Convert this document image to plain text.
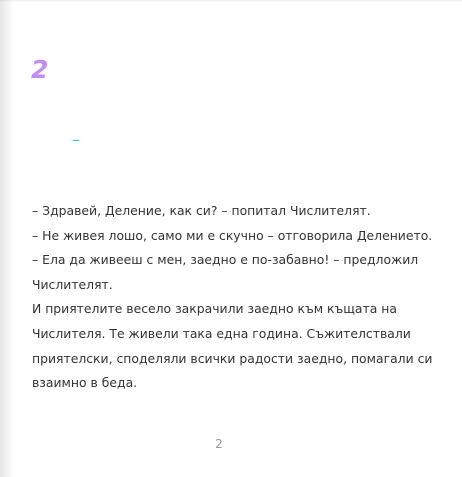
2
–

– Здравей, Деление, как си? – попитал Числителят.

– Не живея лошо, само ми е скучно – отговорила Делението.

– Ела да живееш с мен, заедно е по-забавно! – предложил Числителят.

И приятелите весело закрачили заедно към къщата на Числителя. Те живели така една година. Съжителствали приятелски, споделяли всички радости заедно, помагали си взаимно в беда.

2
